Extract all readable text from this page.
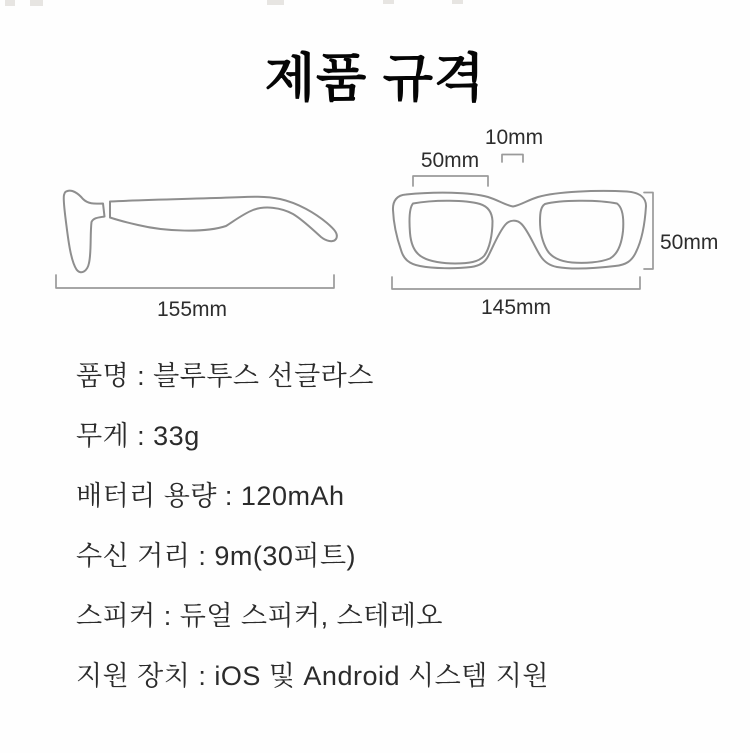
제품 규격
155mm
10mm
50mm
50mm
145mm
품명 : 블루투스 선글라스
무게 : 33g
배터리 용량 : 120mAh
수신 거리 : 9m(30피트)
스피커 : 듀얼 스피커, 스테레오
지원 장치 : iOS 및 Android 시스템 지원
